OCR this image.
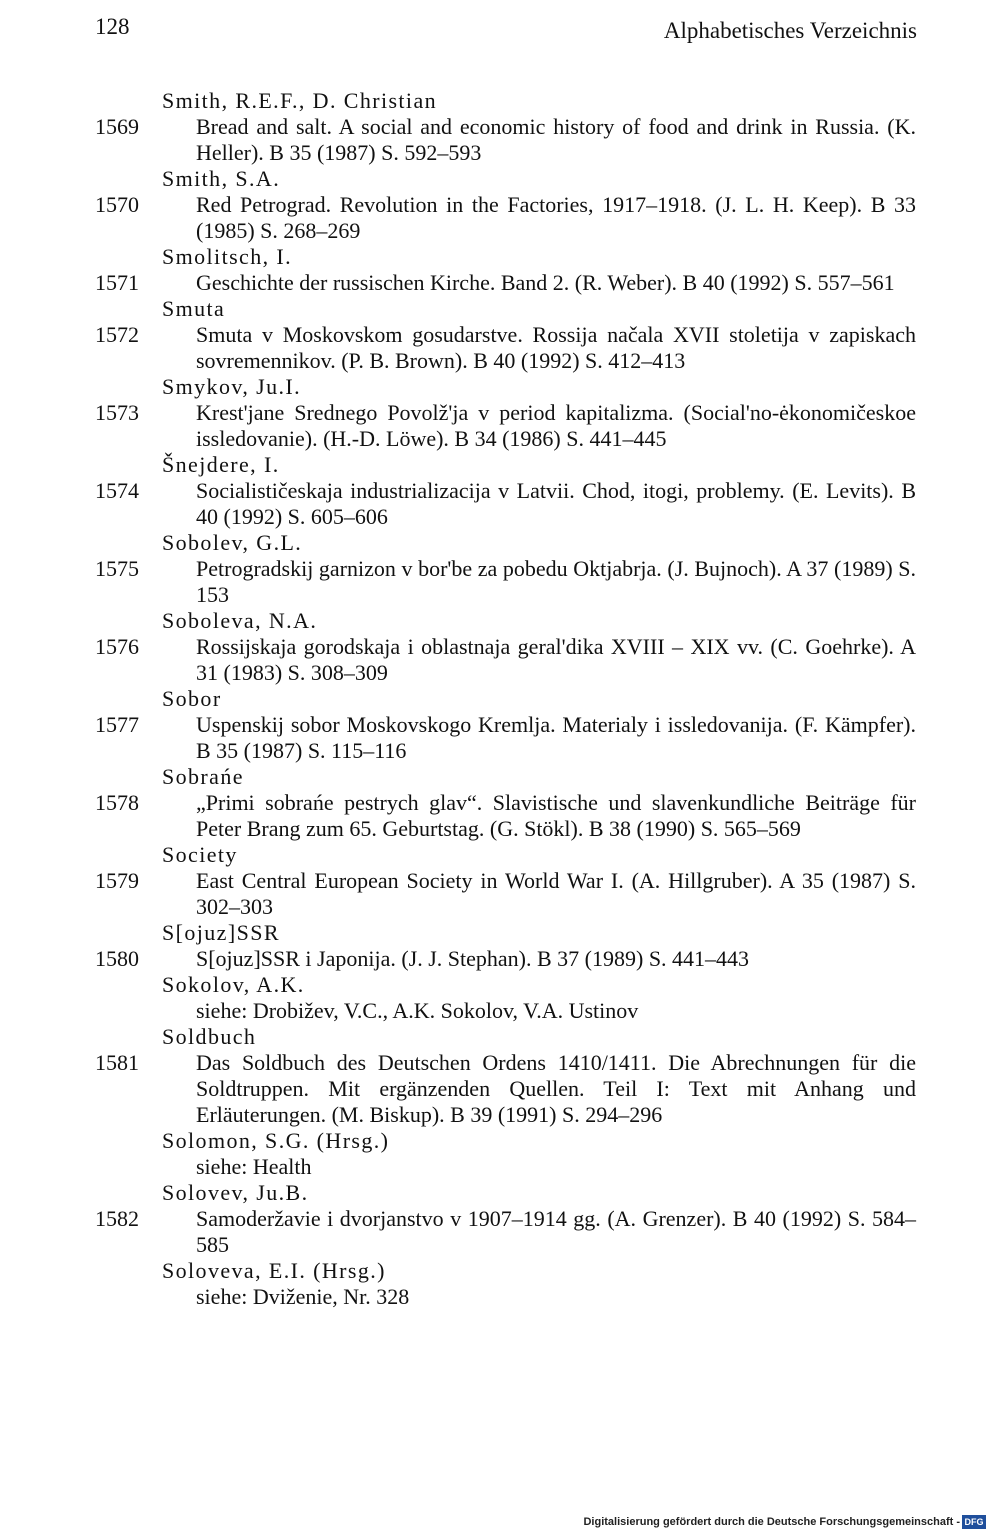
128	Alphabetisches Verzeichnis
Smith, R.E.F., D. Christian
1569	Bread and salt. A social and economic history of food and drink in Russia. (K. Heller). B 35 (1987) S. 592–593
Smith, S.A.
1570	Red Petrograd. Revolution in the Factories, 1917–1918. (J. L. H. Keep). B 33 (1985) S. 268–269
Smolitsch, I.
1571	Geschichte der russischen Kirche. Band 2. (R. Weber). B 40 (1992) S. 557–561
Smuta
1572	Smuta v Moskovskom gosudarstve. Rossija načala XVII stoletija v zapiskach sovremennikov. (P. B. Brown). B 40 (1992) S. 412–413
Smykov, Ju.I.
1573	Krest'jane Srednego Povolž'ja v period kapitalizma. (Social'no-ėkonomičeskoe issledovanie). (H.-D. Löwe). B 34 (1986) S. 441–445
Šnejdere, I.
1574	Socialističeskaja industrializacija v Latvii. Chod, itogi, problemy. (E. Levits). B 40 (1992) S. 605–606
Sobolev, G.L.
1575	Petrogradskij garnizon v bor'be za pobedu Oktjabrja. (J. Bujnoch). A 37 (1989) S. 153
Soboleva, N.A.
1576	Rossijskaja gorodskaja i oblastnaja geral'dika XVIII – XIX vv. (C. Goehrke). A 31 (1983) S. 308–309
Sobor
1577	Uspenskij sobor Moskovskogo Kremlja. Materialy i issledovanija. (F. Kämpfer). B 35 (1987) S. 115–116
Sobrańe
1578	„Primi sobrańe pestrych glav“. Slavistische und slavenkundliche Beiträge für Peter Brang zum 65. Geburtstag. (G. Stökl). B 38 (1990) S. 565–569
Society
1579	East Central European Society in World War I. (A. Hillgruber). A 35 (1987) S. 302–303
S[ojuz]SSR
1580	S[ojuz]SSR i Japonija. (J. J. Stephan). B 37 (1989) S. 441–443
Sokolov, A.K.
siehe: Drobižev, V.C., A.K. Sokolov, V.A. Ustinov
Soldbuch
1581	Das Soldbuch des Deutschen Ordens 1410/1411. Die Abrechnungen für die Soldtruppen. Mit ergänzenden Quellen. Teil I: Text mit Anhang und Erläuterungen. (M. Biskup). B 39 (1991) S. 294–296
Solomon, S.G. (Hrsg.)
siehe: Health
Solovev, Ju.B.
1582	Samoderžavie i dvorjanstvo v 1907–1914 gg. (A. Grenzer). B 40 (1992) S. 584–585
Soloveva, E.I. (Hrsg.)
siehe: Dviženie, Nr. 328
Digitalisierung gefördert durch die Deutsche Forschungsgemeinschaft - DFG
